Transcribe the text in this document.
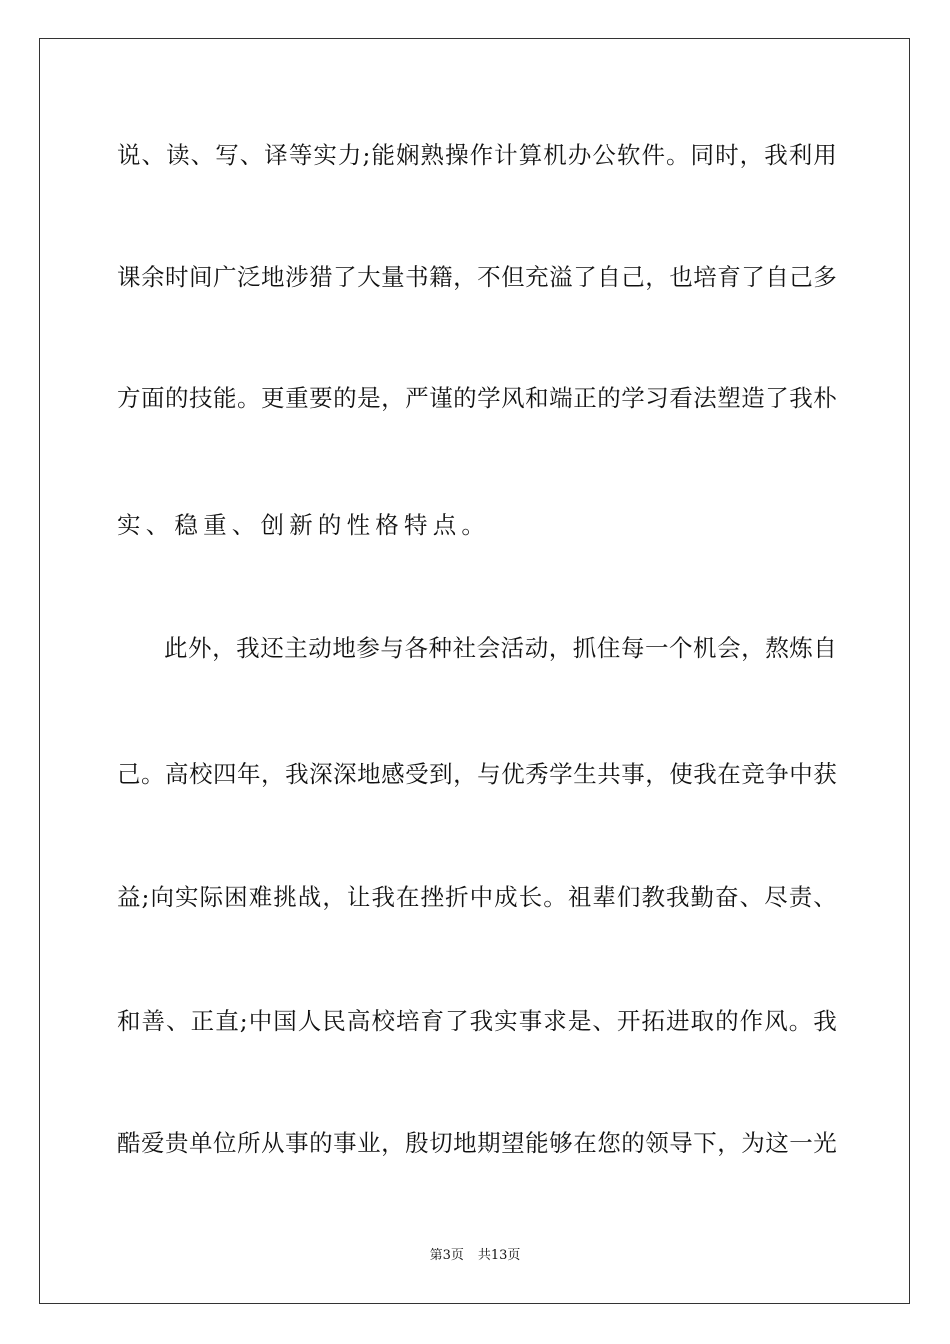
说、读、写、译等实力;能娴熟操作计算机办公软件。同时，我利用
课余时间广泛地涉猎了大量书籍，不但充溢了自己，也培育了自己多
方面的技能。更重要的是，严谨的学风和端正的学习看法塑造了我朴
实、稳重、创新的性格特点。
此外，我还主动地参与各种社会活动，抓住每一个机会，熬炼自
己。高校四年，我深深地感受到，与优秀学生共事，使我在竞争中获
益;向实际困难挑战，让我在挫折中成长。祖辈们教我勤奋、尽责、
和善、正直;中国人民高校培育了我实事求是、开拓进取的作风。我
酷爱贵单位所从事的事业，殷切地期望能够在您的领导下，为这一光
第3页 共13页
